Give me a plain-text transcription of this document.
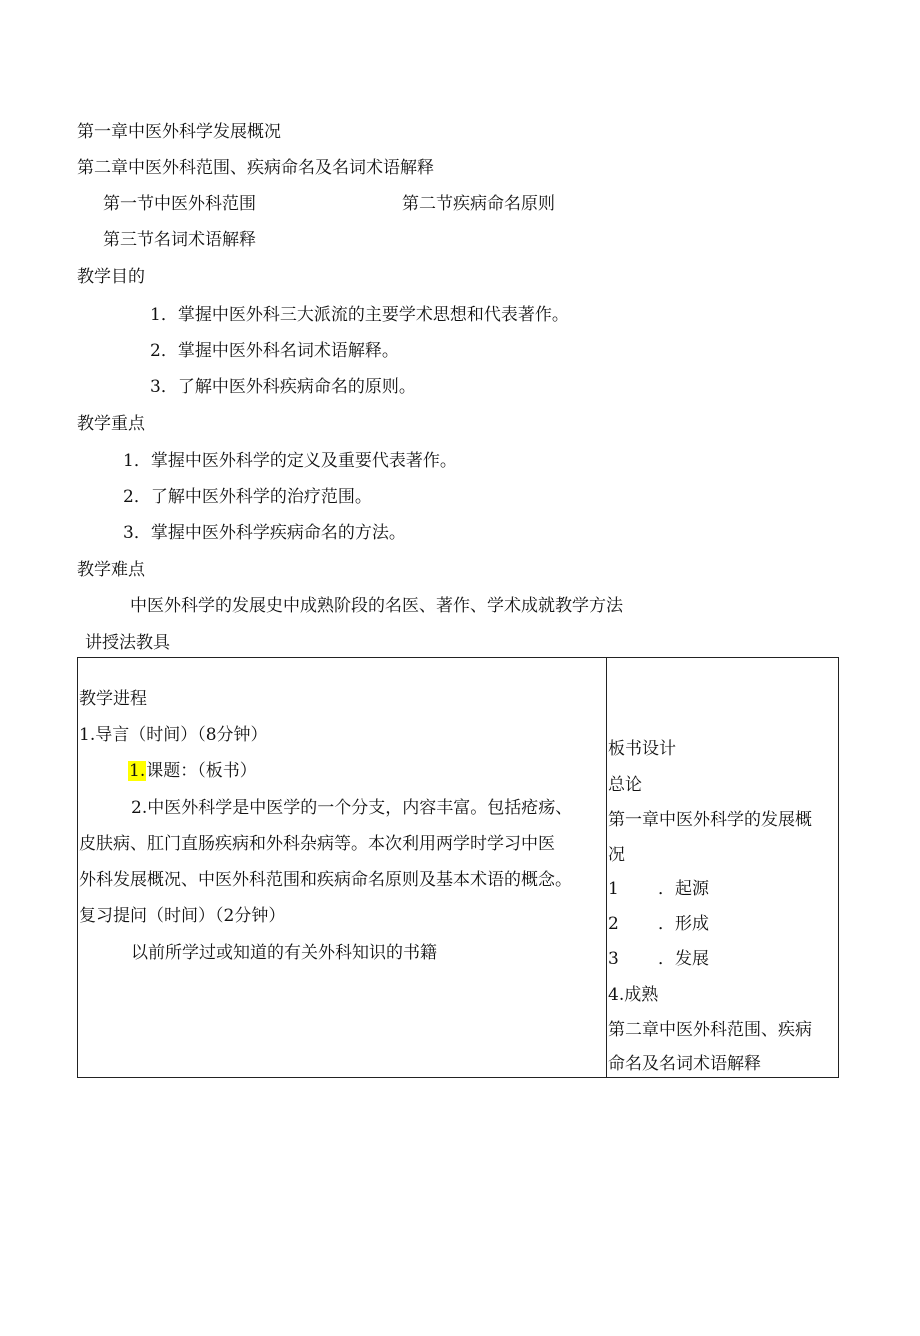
第一章中医外科学发展概况
第二章中医外科范围、疾病命名及名词术语解释
第一节中医外科范围	第二节疾病命名原则
第三节名词术语解释
教学目的
1．掌握中医外科三大派流的主要学术思想和代表著作。
2．掌握中医外科名词术语解释。
3．了解中医外科疾病命名的原则。
教学重点
1．掌握中医外科学的定义及重要代表著作。
2．了解中医外科学的治疗范围。
3．掌握中医外科学疾病命名的方法。
教学难点
中医外科学的发展史中成熟阶段的名医、著作、学术成就教学方法
讲授法教具
教学进程
1.导言（时间）（8分钟）
1.课题：（板书）
2.中医外科学是中医学的一个分支，内容丰富。包括疮疡、
皮肤病、肛门直肠疾病和外科杂病等。本次利用两学时学习中医
外科发展概况、中医外科范围和疾病命名原则及基本术语的概念。
复习提问（时间）（2分钟）
以前所学过或知道的有关外科知识的书籍
板书设计
总论
第一章中医外科学的发展概
况
1 ．起源
2 ．形成
3 ．发展
4.成熟
第二章中医外科范围、疾病
命名及名词术语解释
